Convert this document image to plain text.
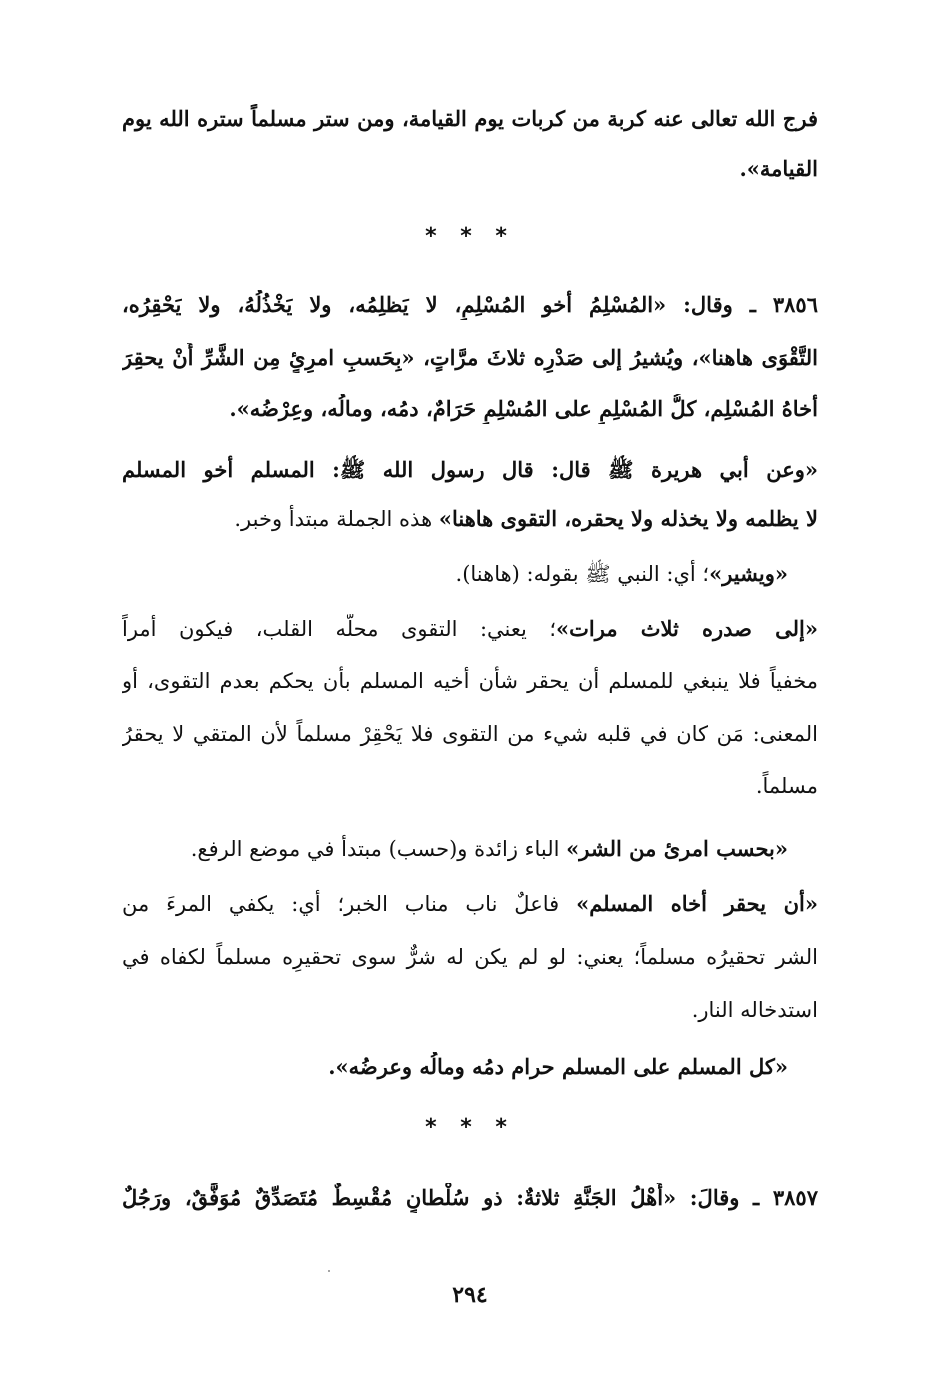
فرج الله تعالى عنه كربة من كربات يوم القيامة، ومن ستر مسلماً ستره الله يوم
القيامة».
* * *
٣٨٥٦ ـ وقال: «المُسْلِمُ أخو المُسْلِمِ، لا يَظلِمُه، ولا يَخْذُلُهُ، ولا يَحْقِرُه،
التَّقْوَى هاهنا»، ويُشيرُ إلى صَدْرِه ثلاثَ مرَّاتٍ، «بِحَسبِ امرِئٍ مِن الشَّرِّ أَنْ يحقِرَ
أخاهُ المُسْلِم، كلُّ المُسْلِمِ على المُسْلِمِ حَرَامٌ، دمُه، ومالُه، وعِرْضُه».
«وعن أبي هريرة ﷺ قال: قال رسول الله ﷺ: المسلم أخو المسلم
لا يظلمه ولا يخذله ولا يحقره، التقوى هاهنا» هذه الجملة مبتدأ وخبر.
«ويشير»؛ أي: النبي ﷺ بقوله: (هاهنا).
«إلى صدره ثلاث مرات»؛ يعني: التقوى محلُّه القلب، فيكون أمراً
مخفياً فلا ينبغي للمسلم أن يحقر شأن أخيه المسلم بأن يحكم بعدم التقوى، أو
المعنى: مَن كان في قلبه شيء من التقوى فلا يَحْقِرْ مسلماً لأن المتقي لا يحقرُ
مسلماً.
«بحسب امرئ من الشر» الباء زائدة و(حسب) مبتدأ في موضع الرفع.
«أن يحقر أخاه المسلم» فاعلٌ ناب مناب الخبر؛ أي: يكفي المرءَ من
الشر تحقيرُه مسلماً؛ يعني: لو لم يكن له شرٌّ سوى تحقيرِه مسلماً لكفاه في
استدخاله النار.
«كل المسلم على المسلم حرام دمُه ومالُه وعرضُه».
* * *
٣٨٥٧ ـ وقالَ: «أَهْلُ الجَنَّةِ ثلاثةٌ: ذو سُلْطانٍ مُقْسِطٌ مُتَصَدِّقٌ مُوَفَّقٌ، ورَجُلٌ
٢٩٤
